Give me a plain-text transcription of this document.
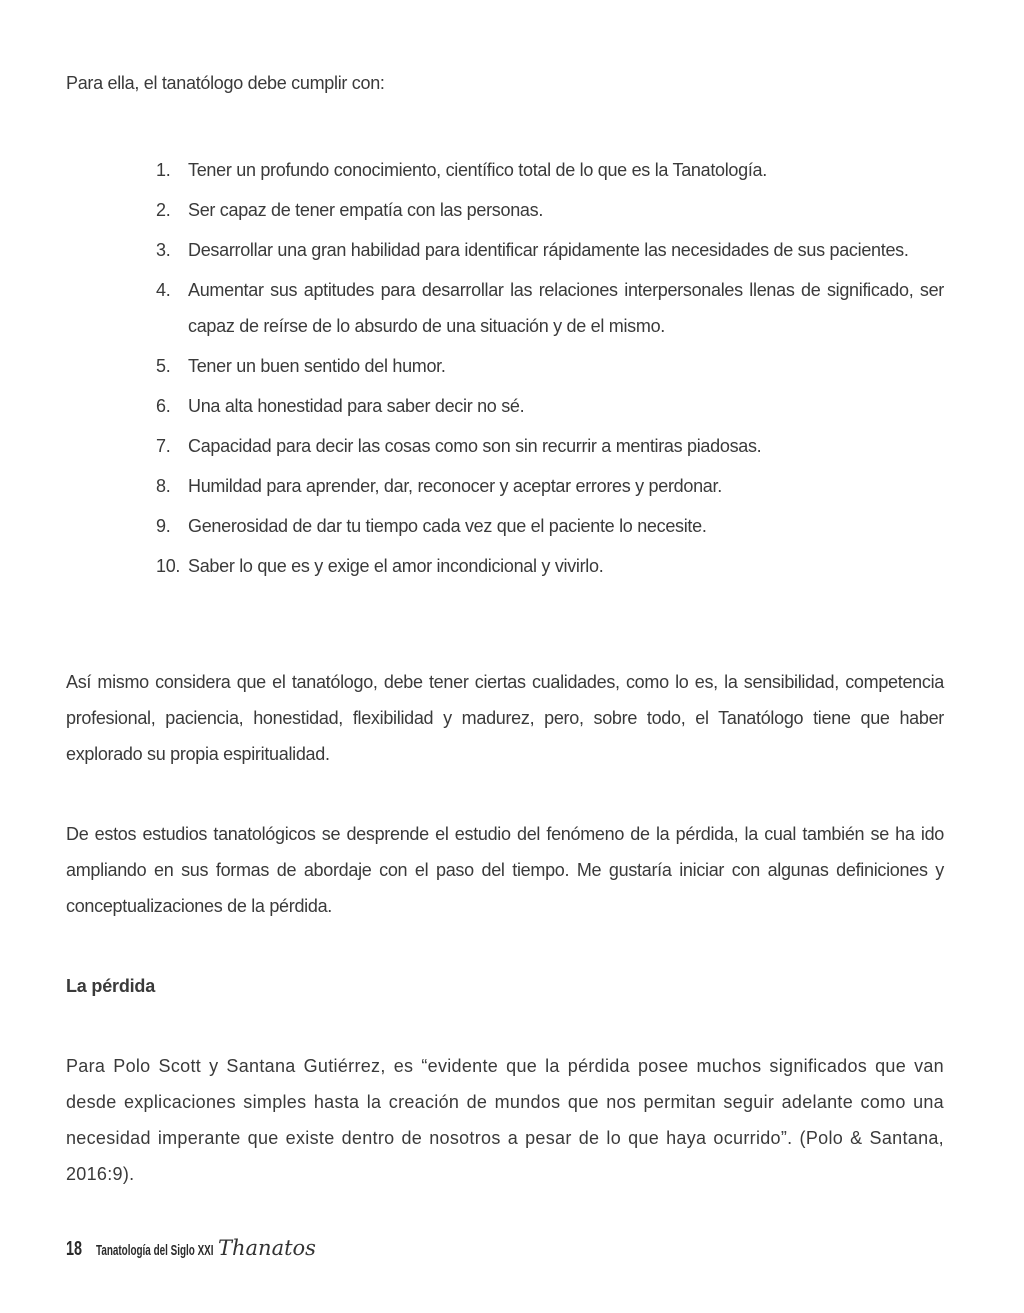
Para ella, el tanatólogo debe cumplir con:

1. Tener un profundo conocimiento, científico total de lo que es la Tanatología.
2. Ser capaz de tener empatía con las personas.
3. Desarrollar una gran habilidad para identificar rápidamente las necesidades de sus pacientes.
4. Aumentar sus aptitudes para desarrollar las relaciones interpersonales llenas de significado, ser capaz de reírse de lo absurdo de una situación y de el mismo.
5. Tener un buen sentido del humor.
6. Una alta honestidad para saber decir no sé.
7. Capacidad para decir las cosas como son sin recurrir a mentiras piadosas.
8. Humildad para aprender, dar, reconocer y aceptar errores y perdonar.
9. Generosidad de dar tu tiempo cada vez que el paciente lo necesite.
10. Saber lo que es y exige el amor incondicional y vivirlo.

Así mismo considera que el tanatólogo, debe tener ciertas cualidades, como lo es, la sensibilidad, competencia profesional, paciencia, honestidad, flexibilidad y madurez, pero, sobre todo, el Tanatólogo tiene que haber explorado su propia espiritualidad.

De estos estudios tanatológicos se desprende el estudio del fenómeno de la pérdida, la cual también se ha ido ampliando en sus formas de abordaje con el paso del tiempo. Me gustaría iniciar con algunas definiciones y conceptualizaciones de la pérdida.

La pérdida

Para Polo Scott y Santana Gutiérrez, es “evidente que la pérdida posee muchos significados que van desde explicaciones simples hasta la creación de mundos que nos permitan seguir adelante como una necesidad imperante que existe dentro de nosotros a pesar de lo que haya ocurrido”. (Polo & Santana, 2016:9).

18 Tanatología del Siglo XXI Thanatos
